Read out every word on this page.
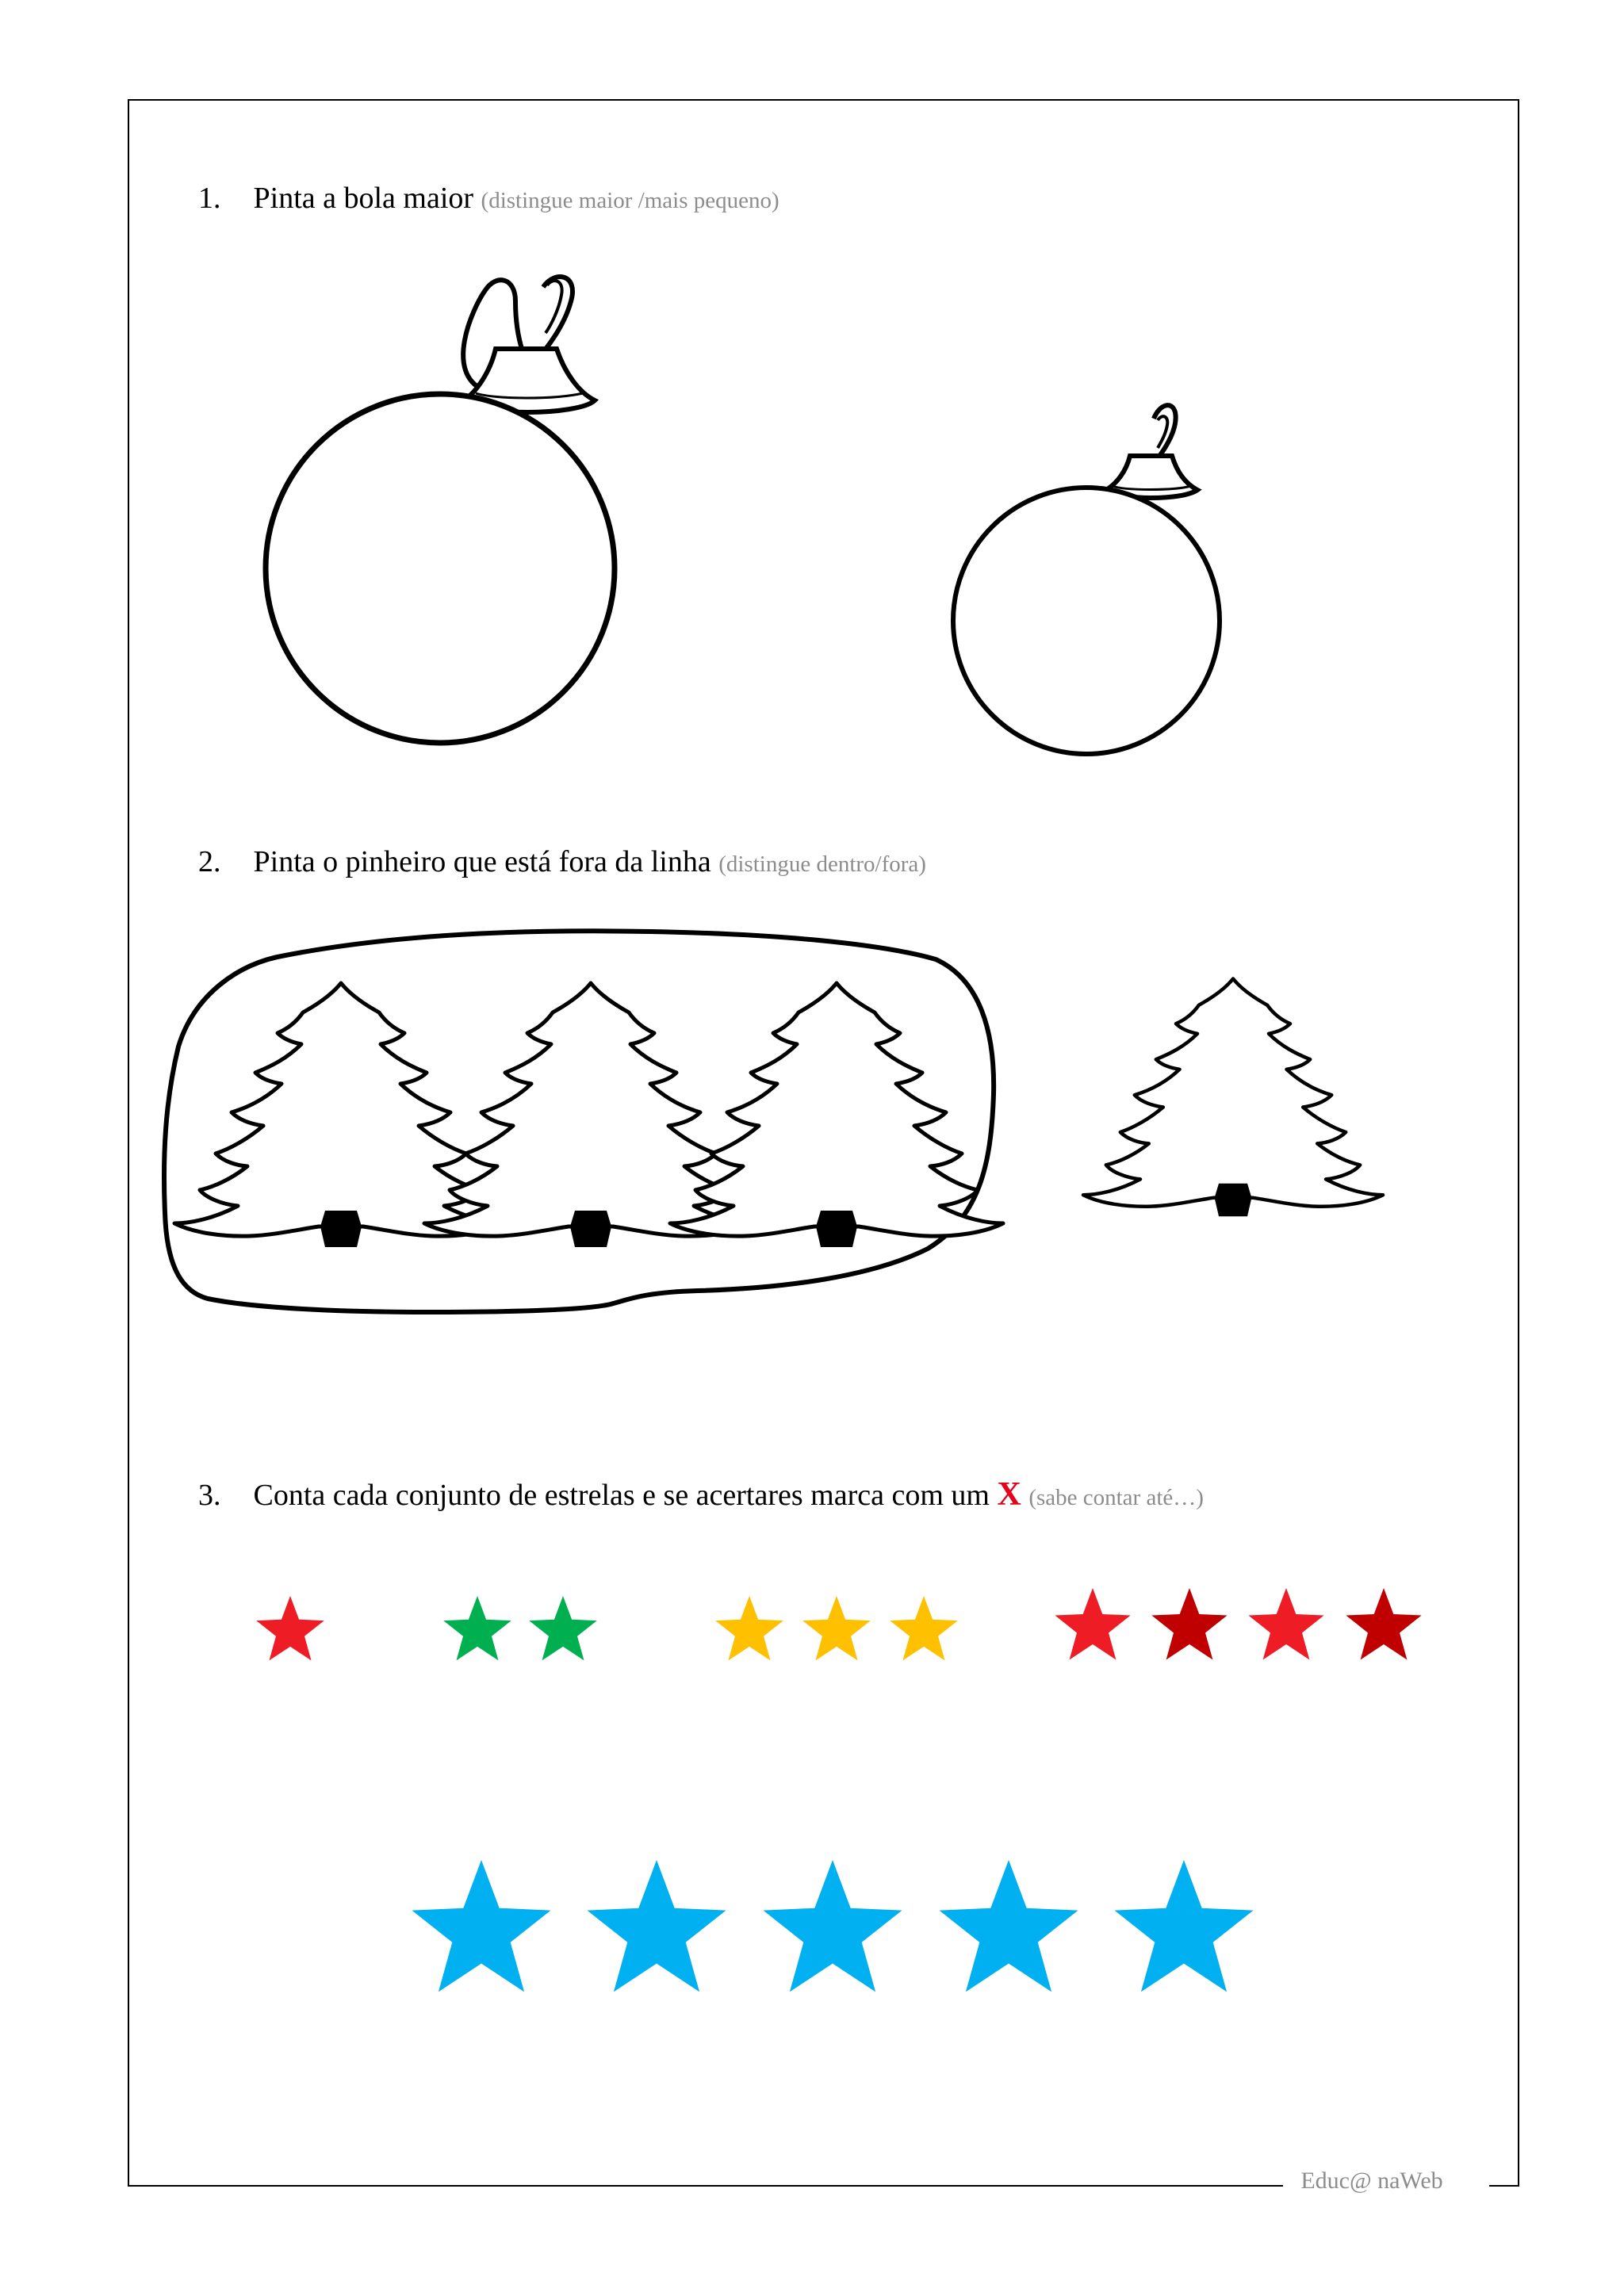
Educ@ naWeb
1. Pinta a bola maior (distingue maior /mais pequeno)
2. Pinta o pinheiro que está fora da linha (distingue dentro/fora)
3. Conta cada conjunto de estrelas e se acertares marca com um X (sabe contar até…)
